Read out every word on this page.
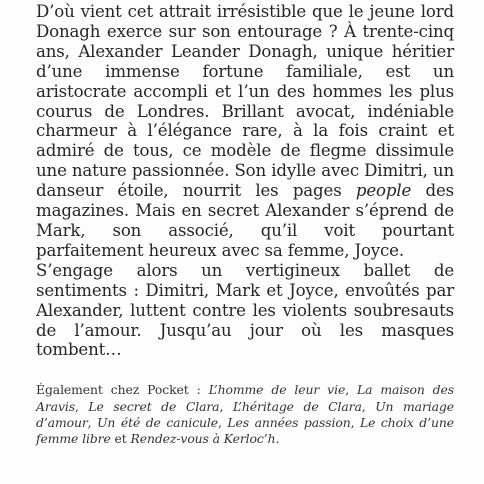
D’où vient cet attrait irrésistible que le jeune lord Donagh exerce sur son entourage ? À trente-cinq ans, Alexander Leander Donagh, unique héritier d’une immense fortune familiale, est un aristocrate accompli et l’un des hommes les plus courus de Londres. Brillant avocat, indéniable charmeur à l’élégance rare, à la fois craint et admiré de tous, ce modèle de flegme dissimule une nature passionnée. Son idylle avec Dimitri, un danseur étoile, nourrit les pages people des magazines. Mais en secret Alexander s’éprend de Mark, son associé, qu’il voit pourtant parfaitement heureux avec sa femme, Joyce.

S’engage alors un vertigineux ballet de sentiments : Dimitri, Mark et Joyce, envoûtés par Alexander, luttent contre les violents soubresauts de l’amour. Jusqu’au jour où les masques tombent…

Également chez Pocket : L’homme de leur vie, La maison des Aravis, Le secret de Clara, L’héritage de Clara, Un mariage d’amour, Un été de canicule, Les années passion, Le choix d’une femme libre et Rendez-vous à Kerloc’h.
